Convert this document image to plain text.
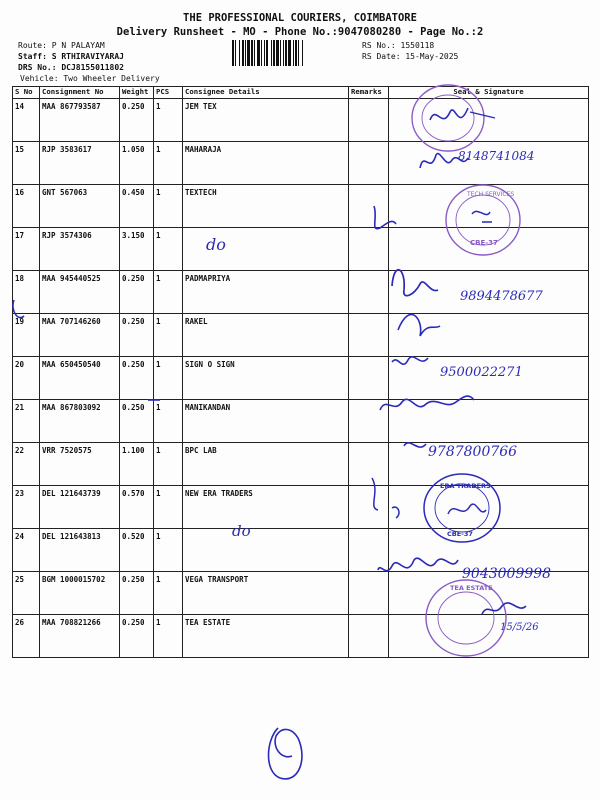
THE PROFESSIONAL COURIERS, COIMBATORE
Delivery Runsheet - MO - Phone No.:9047080280 - Page No.:2
Route: P N PALAYAM
Staff: S RTHIRAVIYARAJ
DRS No.: DCJ8155011802
Vehicle: Two Wheeler Delivery
RS No.: 1550118
RS Date: 15-May-2025
S No	Consignment No	Weight	PCS	Consignee Details	Remarks	Seal & Signature
14	MAA 867793587	0.250	1	JEM TEX		
15	RJP 3583617	1.050	1	MAHARAJA		
16	GNT 567063	0.450	1	TEXTECH		
17	RJP 3574306	3.150	1			
18	MAA 945440525	0.250	1	PADMAPRIYA		
19	MAA 707146260	0.250	1	RAKEL		
20	MAA 650450540	0.250	1	SIGN O SIGN		
21	MAA 867803092	0.250	1	MANIKANDAN		
22	VRR 7520575	1.100	1	BPC LAB		
23	DEL 121643739	0.570	1	NEW ERA TRADERS		
24	DEL 121643813	0.520	1			
25	BGM 1000015702	0.250	1	VEGA TRANSPORT		
26	MAA 708821266	0.250	1	TEA ESTATE		
8148741084
TECH SERVICES
CBE-37
do
9894478677
9500022271
9787800766
ERA TRADERS
CBE-37
do
9043009998
TEA ESTATE
15/5/26
